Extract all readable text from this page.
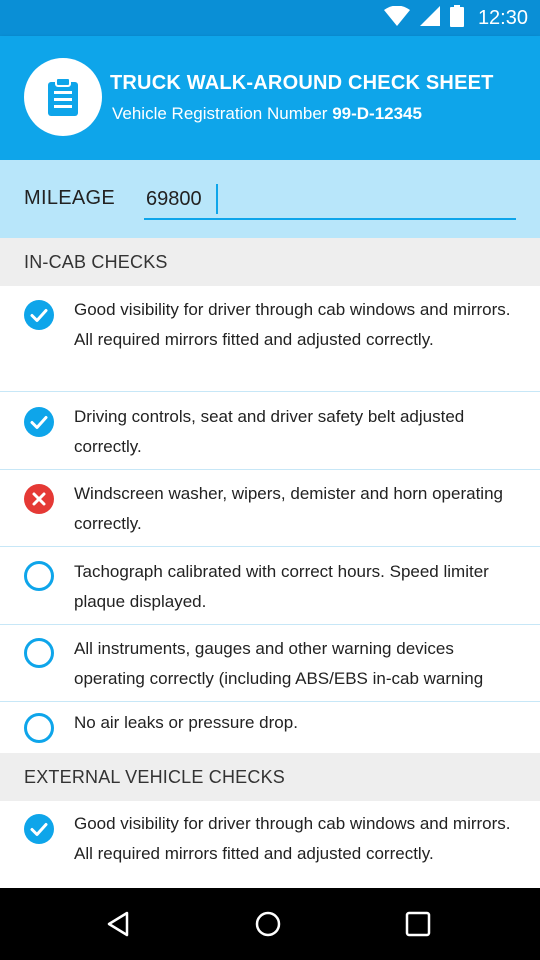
12:30
TRUCK WALK-AROUND CHECK SHEET
Vehicle Registration Number 99-D-12345
MILEAGE
69800
IN-CAB CHECKS
Good visibility for driver through cab windows and mirrors. All required mirrors fitted and adjusted correctly.
Driving controls, seat and driver safety belt adjusted correctly.
Windscreen washer, wipers, demister and horn operating correctly.
Tachograph calibrated with correct hours. Speed limiter plaque displayed.
All instruments, gauges and other warning devices operating correctly (including ABS/EBS in-cab warning
No air leaks or pressure drop.
EXTERNAL VEHICLE CHECKS
Good visibility for driver through cab windows and mirrors. All required mirrors fitted and adjusted correctly.
